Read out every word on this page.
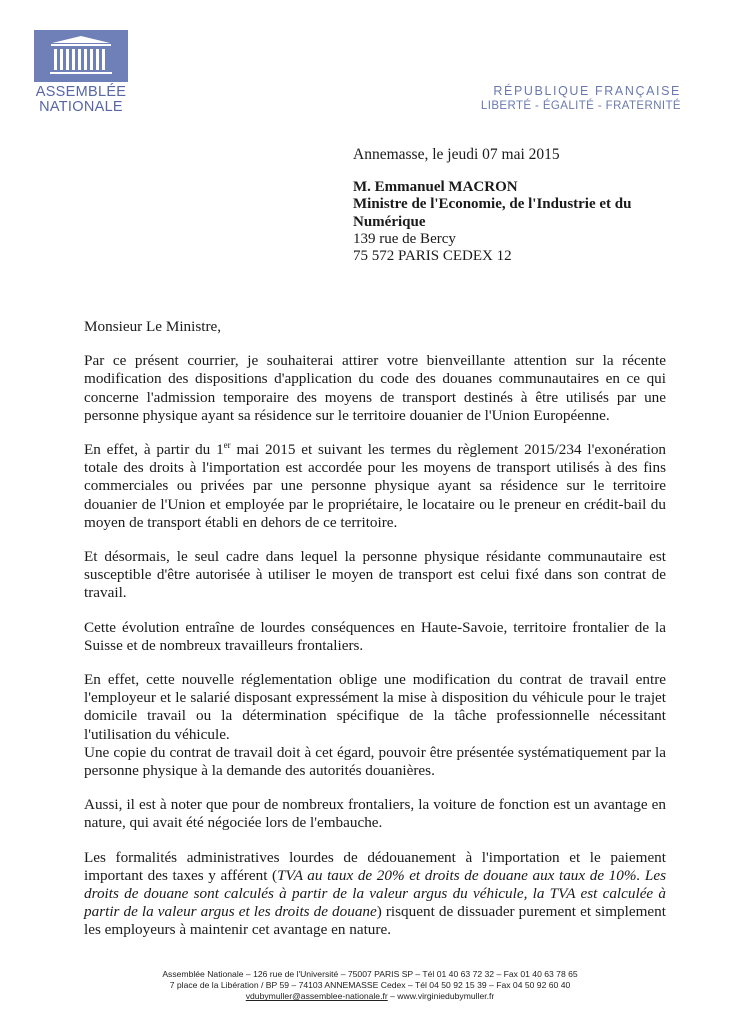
ASSEMBLÉE
NATIONALE
RÉPUBLIQUE FRANÇAISE
LIBERTÉ - ÉGALITÉ - FRATERNITÉ
Annemasse, le jeudi 07 mai 2015
M. Emmanuel MACRON
Ministre de l'Economie, de l'Industrie et du
Numérique
139 rue de Bercy
75 572 PARIS CEDEX 12

Monsieur Le Ministre,

Par ce présent courrier, je souhaiterai attirer votre bienveillante attention sur la récente modification des dispositions d'application du code des douanes communautaires en ce qui concerne l'admission temporaire des moyens de transport destinés à être utilisés par une personne physique ayant sa résidence sur le territoire douanier de l'Union Européenne.

En effet, à partir du 1er mai 2015 et suivant les termes du règlement 2015/234 l'exonération totale des droits à l'importation est accordée pour les moyens de transport utilisés à des fins commerciales ou privées par une personne physique ayant sa résidence sur le territoire douanier de l'Union et employée par le propriétaire, le locataire ou le preneur en crédit-bail du moyen de transport établi en dehors de ce territoire.

Et désormais, le seul cadre dans lequel la personne physique résidante communautaire est susceptible d'être autorisée à utiliser le moyen de transport est celui fixé dans son contrat de travail.

Cette évolution entraîne de lourdes conséquences en Haute-Savoie, territoire frontalier de la Suisse et de nombreux travailleurs frontaliers.

En effet, cette nouvelle réglementation oblige une modification du contrat de travail entre l'employeur et le salarié disposant expressément la mise à disposition du véhicule pour le trajet domicile travail ou la détermination spécifique de la tâche professionnelle nécessitant l'utilisation du véhicule.

Une copie du contrat de travail doit à cet égard, pouvoir être présentée systématiquement par la personne physique à la demande des autorités douanières.

Aussi, il est à noter que pour de nombreux frontaliers, la voiture de fonction est un avantage en nature, qui avait été négociée lors de l'embauche.

Les formalités administratives lourdes de dédouanement à l'importation et le paiement important des taxes y afférent (TVA au taux de 20% et droits de douane aux taux de 10%. Les droits de douane sont calculés à partir de la valeur argus du véhicule, la TVA est calculée à partir de la valeur argus et les droits de douane) risquent de dissuader purement et simplement les employeurs à maintenir cet avantage en nature.

Assemblée Nationale – 126 rue de l'Université – 75007 PARIS SP – Tél 01 40 63 72 32 – Fax 01 40 63 78 65
7 place de la Libération / BP 59 – 74103 ANNEMASSE Cedex – Tél 04 50 92 15 39 – Fax 04 50 92 60 40
vdubymuller@assemblee-nationale.fr – www.virginiedubymuller.fr
